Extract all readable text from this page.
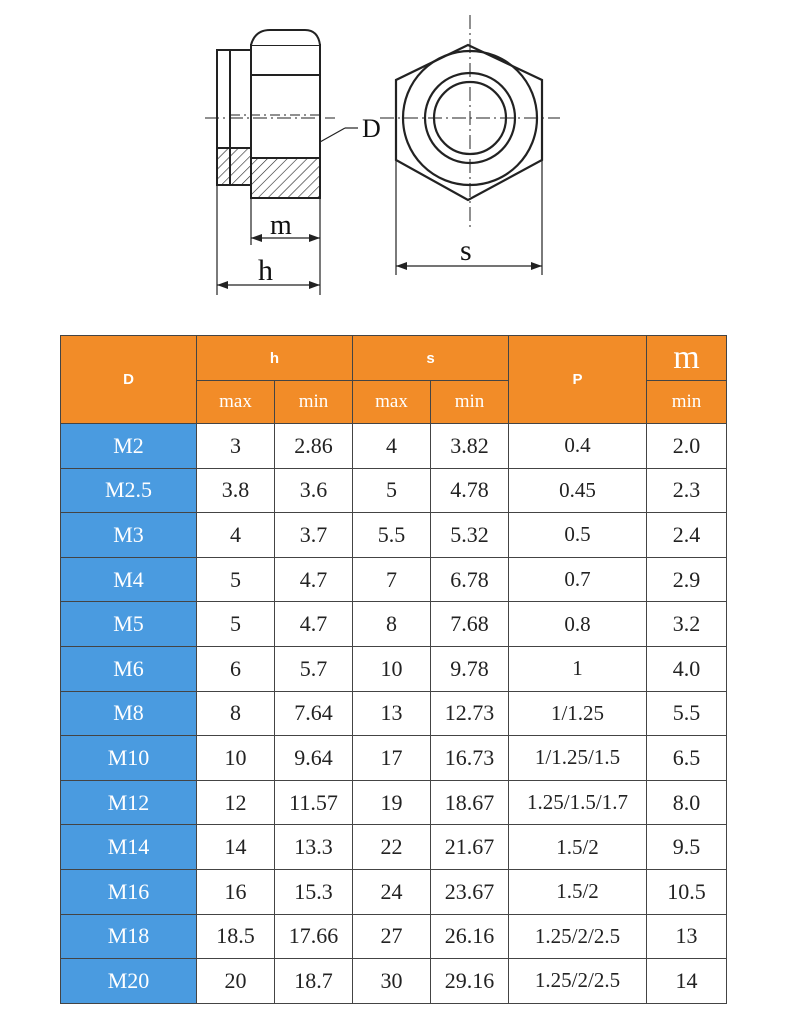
D
m
h
s
D	h		s		P	m
	max	min	max	min		min
M2	3	2.86	4	3.82	0.4	2.0
M2.5	3.8	3.6	5	4.78	0.45	2.3
M3	4	3.7	5.5	5.32	0.5	2.4
M4	5	4.7	7	6.78	0.7	2.9
M5	5	4.7	8	7.68	0.8	3.2
M6	6	5.7	10	9.78	1	4.0
M8	8	7.64	13	12.73	1/1.25	5.5
M10	10	9.64	17	16.73	1/1.25/1.5	6.5
M12	12	11.57	19	18.67	1.25/1.5/1.7	8.0
M14	14	13.3	22	21.67	1.5/2	9.5
M16	16	15.3	24	23.67	1.5/2	10.5
M18	18.5	17.66	27	26.16	1.25/2/2.5	13
M20	20	18.7	30	29.16	1.25/2/2.5	14
